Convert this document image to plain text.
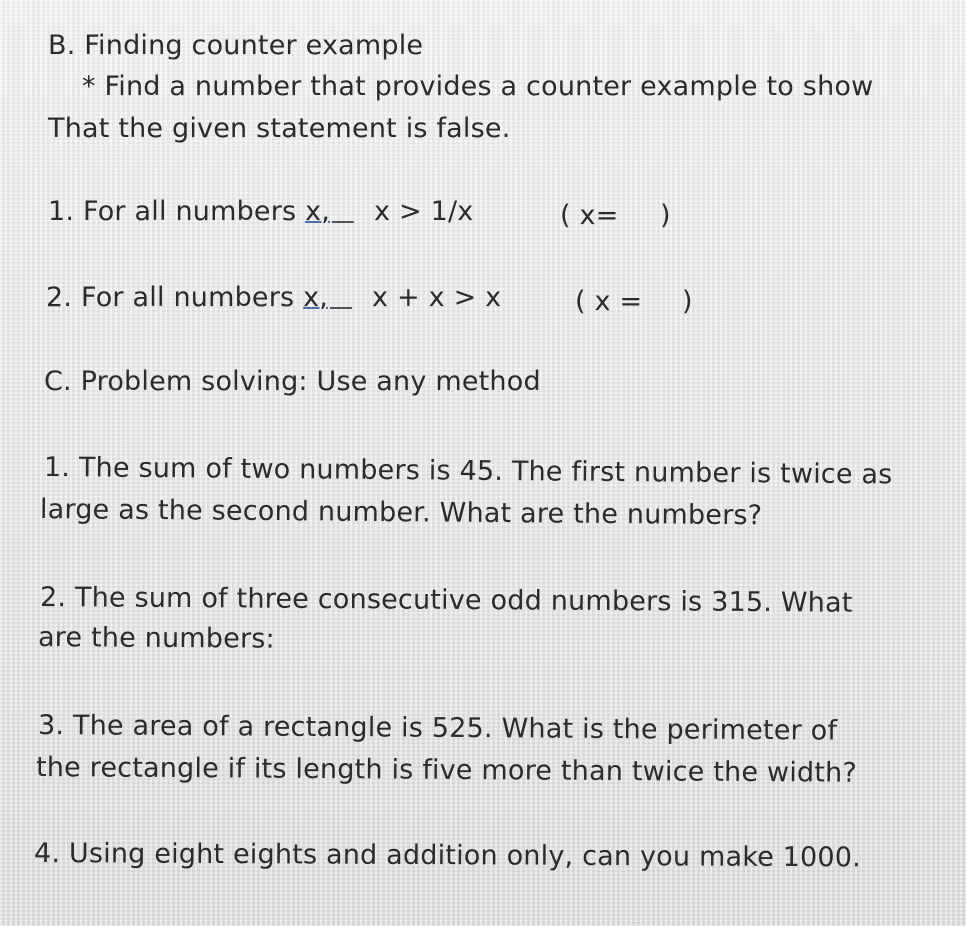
B. Finding counter example
* Find a number that provides a counter example to show
That the given statement is false.
1. For all numbers x, x > 1/x	( x= )
2. For all numbers x, x + x > x	( x = )
C. Problem solving: Use any method
1. The sum of two numbers is 45. The first number is twice as
large as the second number. What are the numbers?
2. The sum of three consecutive odd numbers is 315. What
are the numbers:
3. The area of a rectangle is 525. What is the perimeter of
the rectangle if its length is five more than twice the width?
4. Using eight eights and addition only, can you make 1000.
